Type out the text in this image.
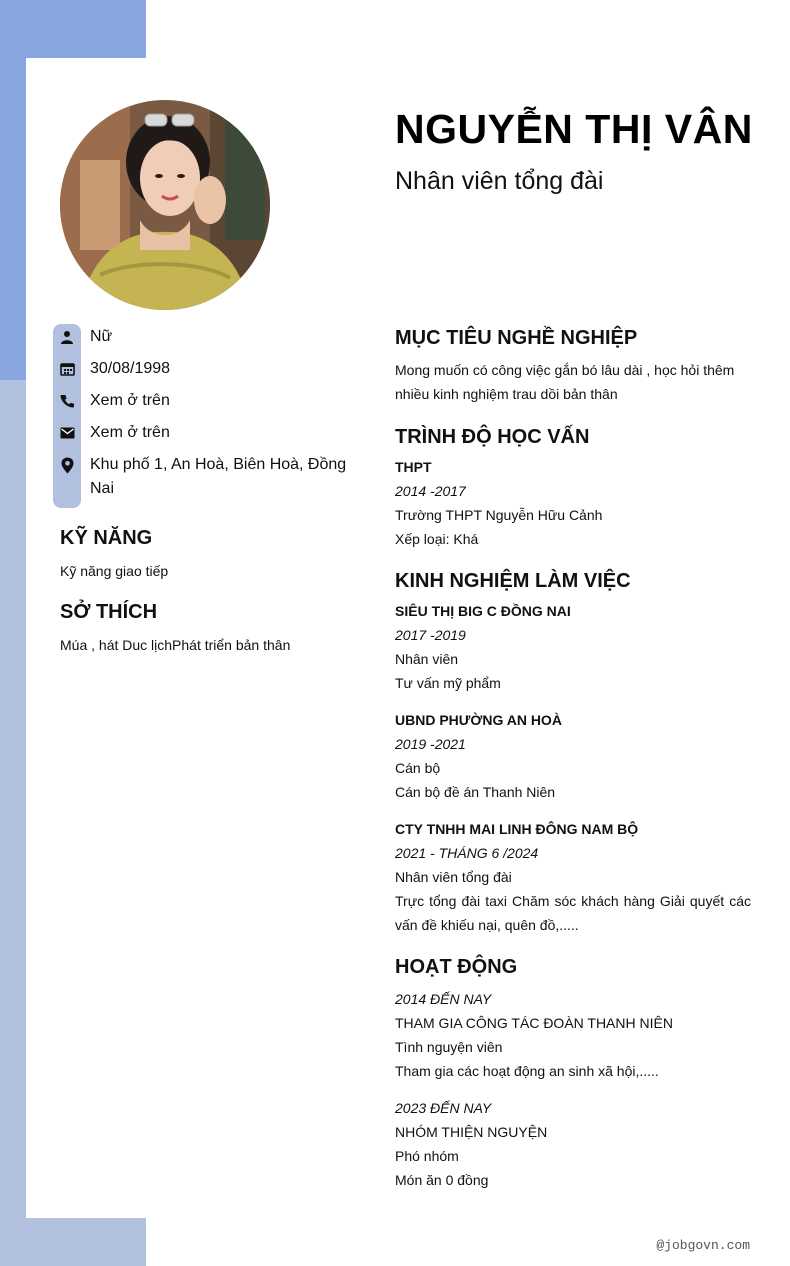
NGUYỄN THỊ VÂN
Nhân viên tổng đài
Nữ
30/08/1998
Xem ở trên
Xem ở trên
Khu phố 1, An Hoà, Biên Hoà, Đồng Nai
KỸ NĂNG
Kỹ năng giao tiếp
SỞ THÍCH
Múa , hát Duc lịchPhát triển bản thân
MỤC TIÊU NGHỀ NGHIỆP
Mong muốn có công việc gắn bó lâu dài , học hỏi thêm nhiều kinh nghiệm trau dồi bản thân
TRÌNH ĐỘ HỌC VẤN
THPT
2014 -2017
Trường THPT Nguyễn Hữu Cảnh
Xếp loại: Khá
KINH NGHIỆM LÀM VIỆC
SIÊU THỊ BIG C ĐỒNG NAI
2017 -2019
Nhân viên
Tư vấn mỹ phẩm
UBND PHƯỜNG AN HOÀ
2019 -2021
Cán bộ
Cán bộ đề án Thanh Niên
CTY TNHH MAI LINH ĐÔNG NAM BỘ
2021 - THÁNG 6 /2024
Nhân viên tổng đài
Trực tổng đài taxi Chăm sóc khách hàng Giải quyết các vấn đề khiếu nại, quên đồ,.....
HOẠT ĐỘNG
2014 ĐẾN NAY
THAM GIA CÔNG TÁC ĐOÀN THANH NIÊN
Tình nguyện viên
Tham gia các hoạt động an sinh xã hội,.....
2023 ĐẾN NAY
NHÓM THIỆN NGUYỆN
Phó nhóm
Món ăn 0 đồng
@jobgovn.com
